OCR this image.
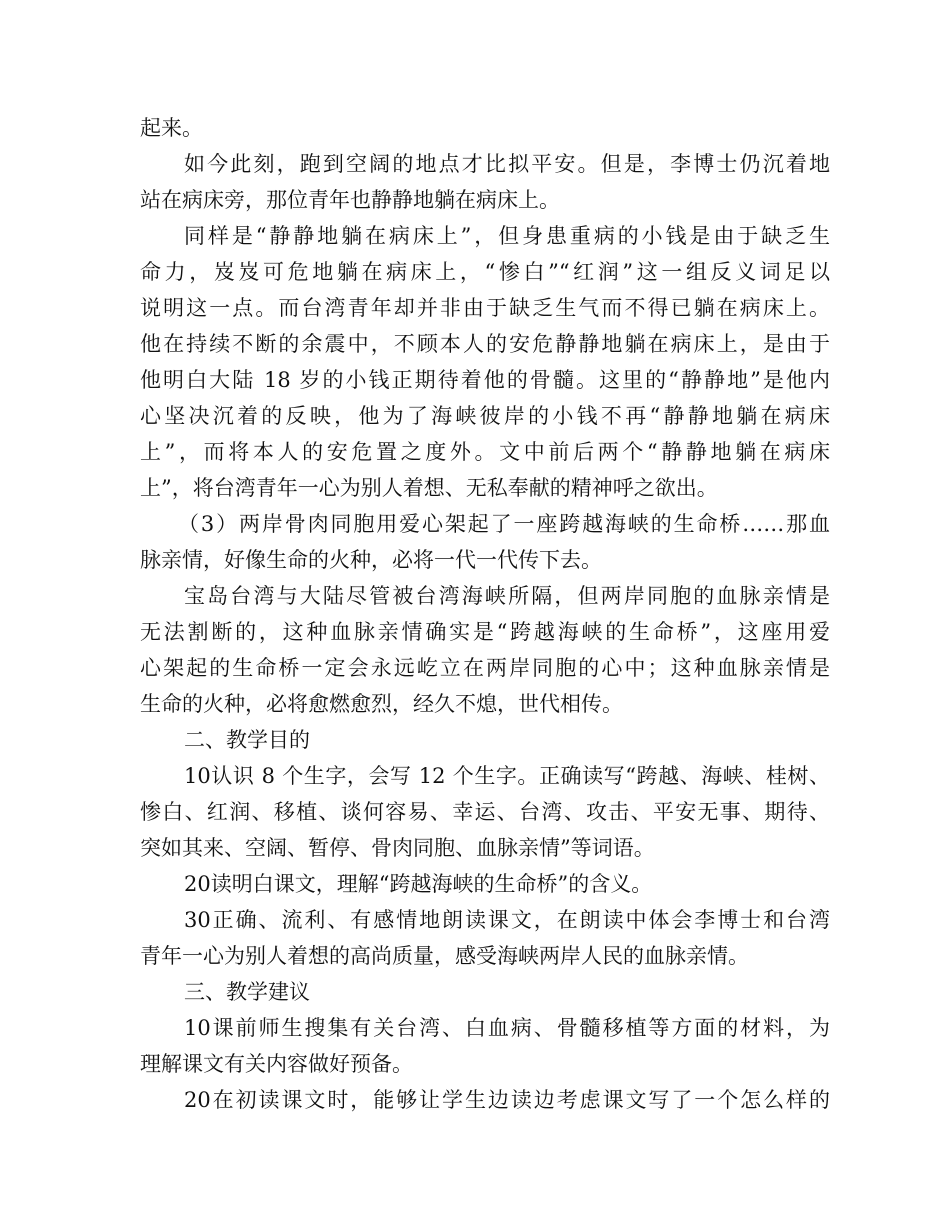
起来。
如今此刻，跑到空阔的地点才比拟平安。但是，李博士仍沉着地
站在病床旁，那位青年也静静地躺在病床上。
同样是“静静地躺在病床上”，但身患重病的小钱是由于缺乏生
命力，岌岌可危地躺在病床上，“惨白”“红润”这一组反义词足以
说明这一点。而台湾青年却并非由于缺乏生气而不得已躺在病床上。
他在持续不断的余震中，不顾本人的安危静静地躺在病床上，是由于
他明白大陆 18 岁的小钱正期待着他的骨髓。这里的“静静地”是他内
心坚决沉着的反映，他为了海峡彼岸的小钱不再“静静地躺在病床
上”，而将本人的安危置之度外。文中前后两个“静静地躺在病床
上”，将台湾青年一心为别人着想、无私奉献的精神呼之欲出。
（3）两岸骨肉同胞用爱心架起了一座跨越海峡的生命桥……那血
脉亲情，好像生命的火种，必将一代一代传下去。
宝岛台湾与大陆尽管被台湾海峡所隔，但两岸同胞的血脉亲情是
无法割断的，这种血脉亲情确实是“跨越海峡的生命桥”，这座用爱
心架起的生命桥一定会永远屹立在两岸同胞的心中；这种血脉亲情是
生命的火种，必将愈燃愈烈，经久不熄，世代相传。
二、教学目的
10认识 8 个生字，会写 12 个生字。正确读写“跨越、海峡、桂树、
惨白、红润、移植、谈何容易、幸运、台湾、攻击、平安无事、期待、
突如其来、空阔、暂停、骨肉同胞、血脉亲情”等词语。
20读明白课文，理解“跨越海峡的生命桥”的含义。
30正确、流利、有感情地朗读课文，在朗读中体会李博士和台湾
青年一心为别人着想的高尚质量，感受海峡两岸人民的血脉亲情。
三、教学建议
10课前师生搜集有关台湾、白血病、骨髓移植等方面的材料，为
理解课文有关内容做好预备。
20在初读课文时，能够让学生边读边考虑课文写了一个怎么样的
